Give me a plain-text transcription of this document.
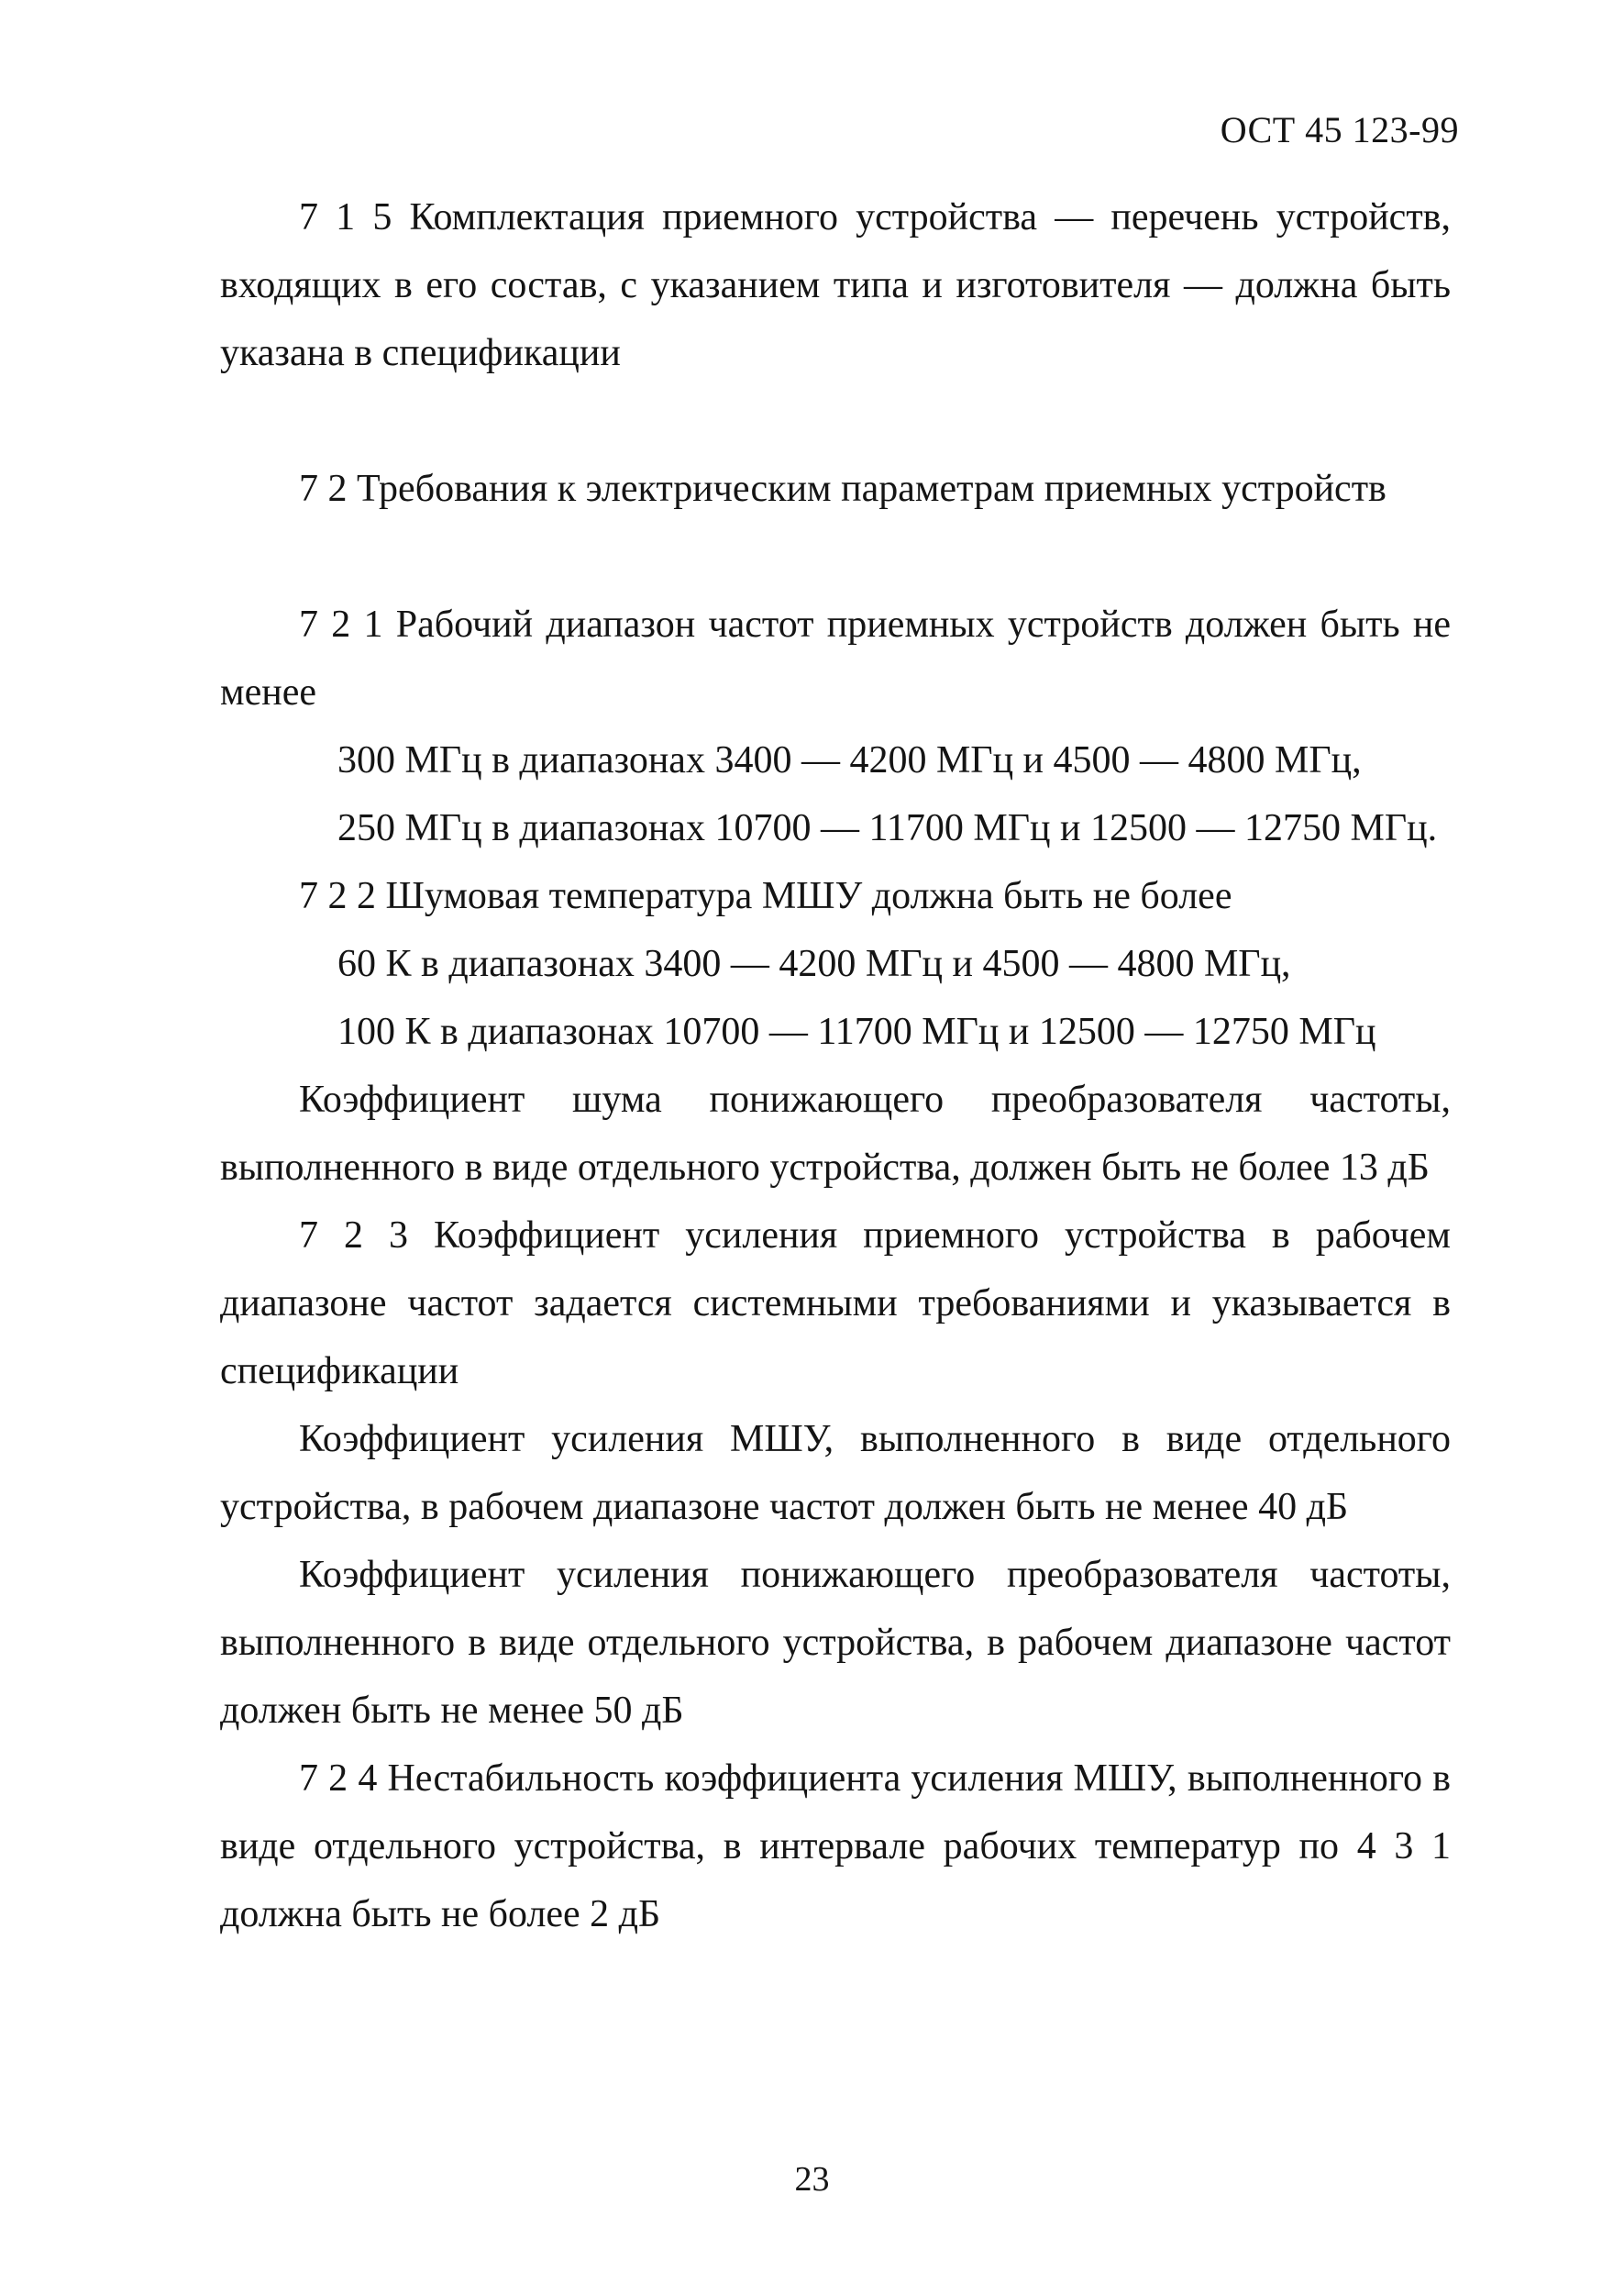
ОСТ 45 123-99

7 1 5 Комплектация приемного устройства — перечень устройств, входящих в его состав, с указанием типа и изготовителя — должна быть указана в спецификации

7 2 Требования к электрическим параметрам приемных устройств

7 2 1 Рабочий диапазон частот приемных устройств должен быть не менее

300 МГц в диапазонах 3400 — 4200 МГц и 4500 — 4800 МГц,

250 МГц в диапазонах 10700 — 11700 МГц и 12500 — 12750 МГц.

7 2 2 Шумовая температура МШУ должна быть не более

60 К в диапазонах 3400 — 4200 МГц и 4500 — 4800 МГц,

100 К в диапазонах 10700 — 11700 МГц и 12500 — 12750 МГц

Коэффициент шума понижающего преобразователя частоты, выполненного в виде отдельного устройства, должен быть не более 13 дБ

7 2 3 Коэффициент усиления приемного устройства в рабочем диапазоне частот задается системными требованиями и указывается в спецификации

Коэффициент усиления МШУ, выполненного в виде отдельного устройства, в рабочем диапазоне частот должен быть не менее 40 дБ

Коэффициент усиления понижающего преобразователя частоты, выполненного в виде отдельного устройства, в рабочем диапазоне частот должен быть не менее 50 дБ

7 2 4 Нестабильность коэффициента усиления МШУ, выполненного в виде отдельного устройства, в интервале рабочих температур по 4 3 1 должна быть не более 2 дБ

23
